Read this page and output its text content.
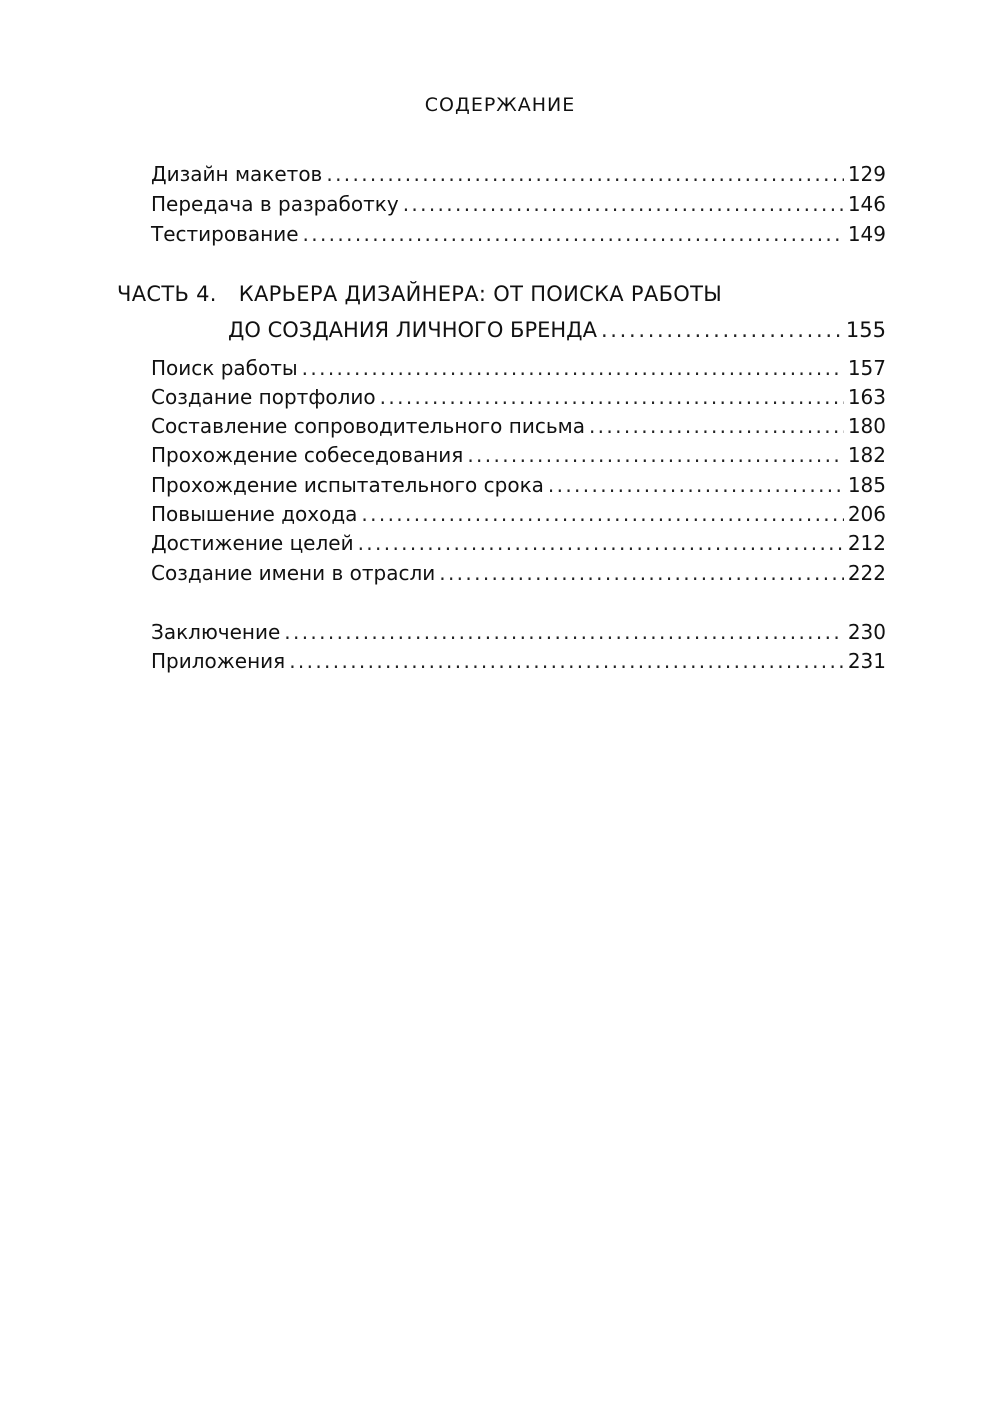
СОДЕРЖАНИЕ
Дизайн макетов . . .	129
Передача в разработку . . .	146
Тестирование . . .	149
ЧАСТЬ 4. КАРЬЕРА ДИЗАЙНЕРА: ОТ ПОИСКА РАБОТЫ
ДО СОЗДАНИЯ ЛИЧНОГО БРЕНДА . . .	155
Поиск работы . . .	157
Создание портфолио . . .	163
Составление сопроводительного письма . . .	180
Прохождение собеседования . . .	182
Прохождение испытательного срока . . .	185
Повышение дохода . . .	206
Достижение целей . . .	212
Создание имени в отрасли . . .	222
Заключение . . .	230
Приложения . . .	231
